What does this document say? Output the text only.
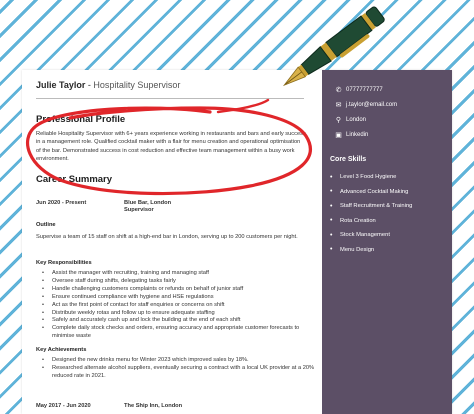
Julie Taylor - Hospitality Supervisor
Professional Profile
Reliable Hospitality Supervisor with 6+ years experience working in restaurants and bars and early success in a management role. Qualified cocktail maker with a flair for menu creation and operational optimisation of the bar. Demonstrated success in cost reduction and effective team management within a busy work environment.
Career Summary
Jun 2020 - Present	Blue Bar, London
Supervisor
Outline
Supervise a team of 15 staff on shift at a high-end bar in London, serving up to 200 customers per night.
Key Responsibilities
• Assist the manager with recruiting, training and managing staff
• Oversee staff during shifts, delegating tasks fairly
• Handle challenging customers complaints or refunds on behalf of junior staff
• Ensure continued compliance with hygiene and HSE regulations
• Act as the first point of contact for staff enquiries or concerns on shift
• Distribute weekly rotas and follow up to ensure adequate staffing
• Safely and accurately cash up and lock the building at the end of each shift
• Complete daily stock checks and orders, ensuring accuracy and appropriate customer forecasts to minimise waste
Key Achievements
• Designed the new drinks menu for Winter 2023 which improved sales by 18%.
• Researched alternate alcohol suppliers, eventually securing a contract with a local UK provider at a 20% reduced rate in 2021.
May 2017 - Jun 2020	The Ship Inn, London
✆ 07777777777
✉ j.taylor@email.com
⚲ London
▣ Linkedin
Core Skills
•	Level 3 Food Hygiene
•	Advanced Cocktail Making
•	Staff Recruitment & Training
•	Rota Creation
•	Stock Management
•	Menu Design
